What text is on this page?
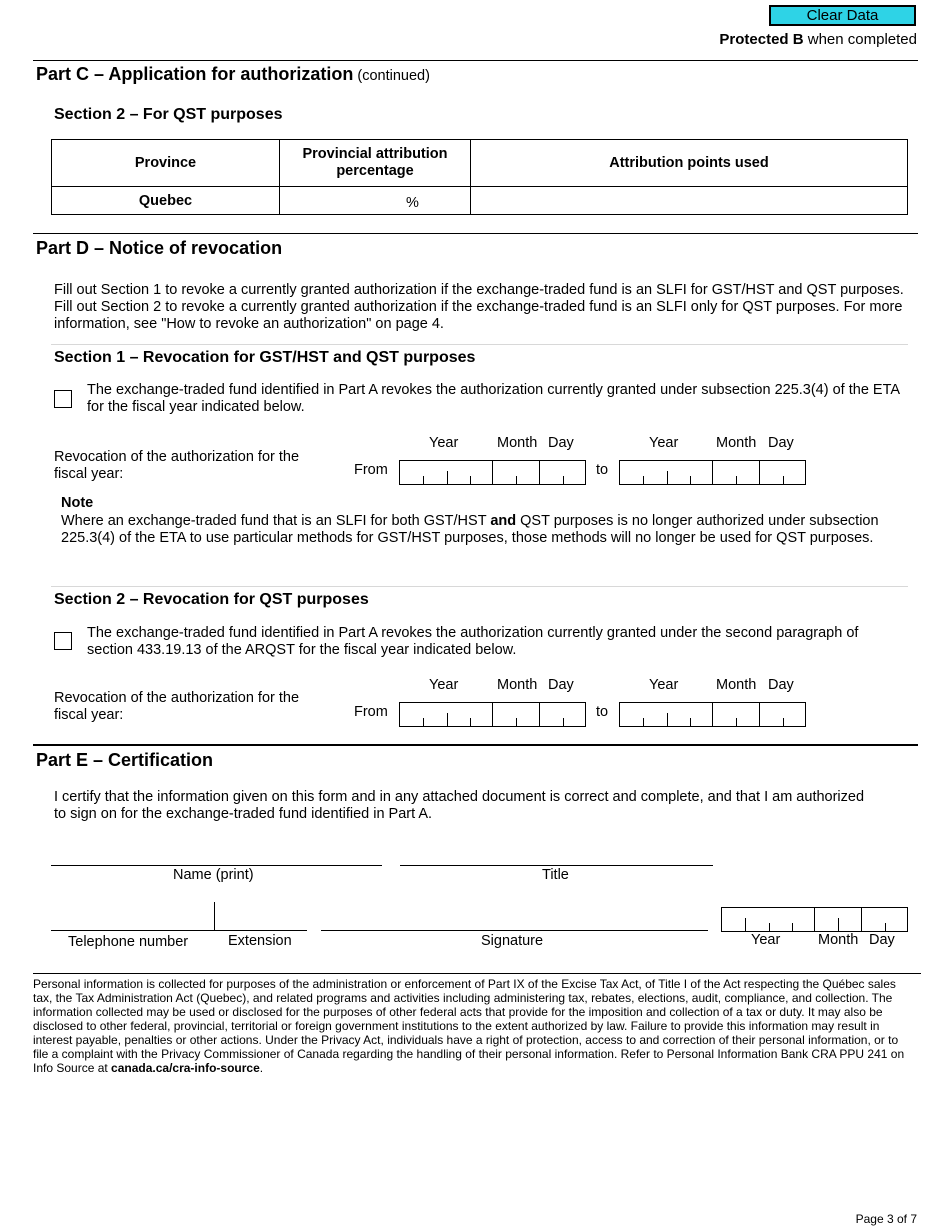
Clear Data
Protected B when completed
Part C – Application for authorization (continued)
Section 2 – For QST purposes
Province	Provincial attribution percentage	Attribution points used
Quebec	%	

Part D – Notice of revocation
Fill out Section 1 to revoke a currently granted authorization if the exchange-traded fund is an SLFI for GST/HST and QST purposes. Fill out Section 2 to revoke a currently granted authorization if the exchange-traded fund is an SLFI only for QST purposes. For more information, see "How to revoke an authorization" on page 4.
Section 1 – Revocation for GST/HST and QST purposes
The exchange-traded fund identified in Part A revokes the authorization currently granted under subsection 225.3(4) of the ETA for the fiscal year indicated below.
Year	Month Day	Year	Month Day
Revocation of the authorization for the fiscal year:	From	to
Note
Where an exchange-traded fund that is an SLFI for both GST/HST and QST purposes is no longer authorized under subsection 225.3(4) of the ETA to use particular methods for GST/HST purposes, those methods will no longer be used for QST purposes.
Section 2 – Revocation for QST purposes
The exchange-traded fund identified in Part A revokes the authorization currently granted under the second paragraph of section 433.19.13 of the ARQST for the fiscal year indicated below.
Year	Month Day	Year	Month Day
Revocation of the authorization for the fiscal year:	From	to
Part E – Certification
I certify that the information given on this form and in any attached document is correct and complete, and that I am authorized to sign on for the exchange-traded fund identified in Part A.
Name (print)	Title
Telephone number	Extension	Signature	Year	Month Day
Personal information is collected for purposes of the administration or enforcement of Part IX of the Excise Tax Act, of Title I of the Act respecting the Québec sales tax, the Tax Administration Act (Quebec), and related programs and activities including administering tax, rebates, elections, audit, compliance, and collection. The information collected may be used or disclosed for the purposes of other federal acts that provide for the imposition and collection of a tax or duty. It may also be disclosed to other federal, provincial, territorial or foreign government institutions to the extent authorized by law. Failure to provide this information may result in interest payable, penalties or other actions. Under the Privacy Act, individuals have a right of protection, access to and correction of their personal information, or to file a complaint with the Privacy Commissioner of Canada regarding the handling of their personal information. Refer to Personal Information Bank CRA PPU 241 on Info Source at canada.ca/cra-info-source.
Page 3 of 7
